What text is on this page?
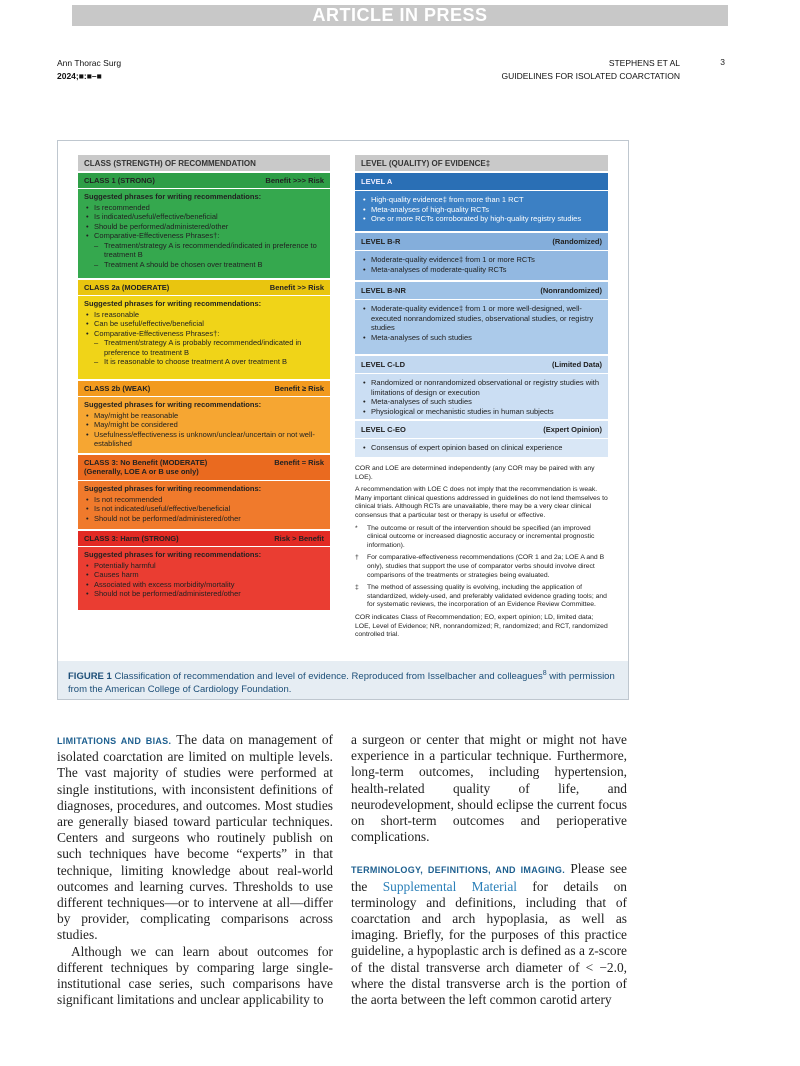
ARTICLE IN PRESS
Ann Thorac Surg
2024;■:■–■
STEPHENS ET AL
GUIDELINES FOR ISOLATED COARCTATION
3
CLASS (STRENGTH) OF RECOMMENDATION
CLASS 1 (STRONG)	Benefit >>> Risk
Suggested phrases for writing recommendations:
• Is recommended
• Is indicated/useful/effective/beneficial
• Should be performed/administered/other
• Comparative-Effectiveness Phrases†:
– Treatment/strategy A is recommended/indicated in preference to treatment B
– Treatment A should be chosen over treatment B
CLASS 2a (MODERATE)	Benefit >> Risk
Suggested phrases for writing recommendations:
• Is reasonable
• Can be useful/effective/beneficial
• Comparative-Effectiveness Phrases†:
– Treatment/strategy A is probably recommended/indicated in preference to treatment B
– It is reasonable to choose treatment A over treatment B
CLASS 2b (WEAK)	Benefit ≥ Risk
Suggested phrases for writing recommendations:
• May/might be reasonable
• May/might be considered
• Usefulness/effectiveness is unknown/unclear/uncertain or not well-established
CLASS 3: No Benefit (MODERATE)
(Generally, LOE A or B use only)
Benefit = Risk
Suggested phrases for writing recommendations:
• Is not recommended
• Is not indicated/useful/effective/beneficial
• Should not be performed/administered/other
CLASS 3: Harm (STRONG)	Risk > Benefit
Suggested phrases for writing recommendations:
• Potentially harmful
• Causes harm
• Associated with excess morbidity/mortality
• Should not be performed/administered/other
LEVEL (QUALITY) OF EVIDENCE‡
LEVEL A
• High-quality evidence‡ from more than 1 RCT
• Meta-analyses of high-quality RCTs
• One or more RCTs corroborated by high-quality registry studies
LEVEL B-R	(Randomized)
• Moderate-quality evidence‡ from 1 or more RCTs
• Meta-analyses of moderate-quality RCTs
LEVEL B-NR	(Nonrandomized)
• Moderate-quality evidence‡ from 1 or more well-designed, well-executed nonrandomized studies, observational studies, or registry studies
• Meta-analyses of such studies
LEVEL C-LD	(Limited Data)
• Randomized or nonrandomized observational or registry studies with limitations of design or execution
• Meta-analyses of such studies
• Physiological or mechanistic studies in human subjects
LEVEL C-EO	(Expert Opinion)
• Consensus of expert opinion based on clinical experience

COR and LOE are determined independently (any COR may be paired with any LOE).

A recommendation with LOE C does not imply that the recommendation is weak. Many important clinical questions addressed in guidelines do not lend themselves to clinical trials. Although RCTs are unavailable, there may be a very clear clinical consensus that a particular test or therapy is useful or effective.

*	The outcome or result of the intervention should be specified (an improved clinical outcome or increased diagnostic accuracy or incremental prognostic information).

†	For comparative-effectiveness recommendations (COR 1 and 2a; LOE A and B only), studies that support the use of comparator verbs should involve direct comparisons of the treatments or strategies being evaluated.

‡	The method of assessing quality is evolving, including the application of standardized, widely-used, and preferably validated evidence grading tools; and for systematic reviews, the incorporation of an Evidence Review Committee.

COR indicates Class of Recommendation; EO, expert opinion; LD, limited data; LOE, Level of Evidence; NR, nonrandomized; R, randomized; and RCT, randomized controlled trial.

FIGURE 1 Classification of recommendation and level of evidence. Reproduced from Isselbacher and colleagues$^8$ with permission from the American College of Cardiology Foundation.

LIMITATIONS AND BIAS. The data on management of isolated coarctation are limited on multiple levels. The vast majority of studies were performed at single institutions, with inconsistent definitions of diagnoses, procedures, and outcomes. Most studies are generally biased toward particular techniques. Centers and surgeons who routinely publish on such techniques have become “experts” in that technique, limiting knowledge about real-world outcomes and learning curves. Thresholds to use different techniques—or to intervene at all—differ by provider, complicating comparisons across studies.

Although we can learn about outcomes for different techniques by comparing large single-institutional case series, such comparisons have significant limitations and unclear applicability to

a surgeon or center that might or might not have experience in a particular technique. Furthermore, long-term outcomes, including hypertension, health-related quality of life, and neurodevelopment, should eclipse the current focus on short-term outcomes and perioperative complications.

TERMINOLOGY, DEFINITIONS, AND IMAGING. Please see the Supplemental Material for details on terminology and definitions, including that of coarctation and arch hypoplasia, as well as imaging. Briefly, for the purposes of this practice guideline, a hypoplastic arch is defined as a z-score of the distal transverse arch diameter of < −2.0, where the distal transverse arch is the portion of the aorta between the left common carotid artery
